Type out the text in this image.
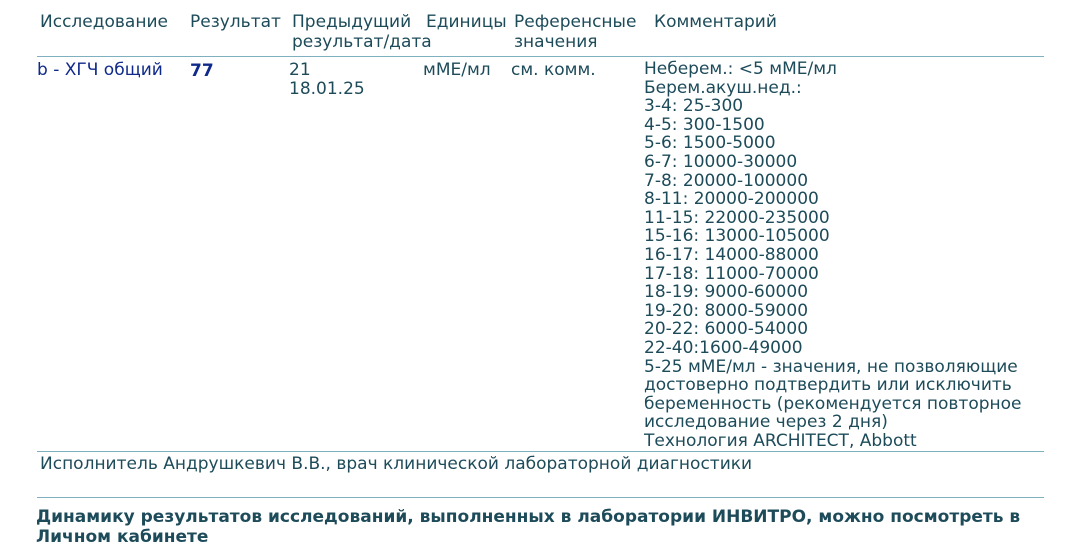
Исследование Результат Предыдущий
результат/дата
Единицы Референсные
значения
Комментарий
b - ХГЧ общий 77	21
18.01.25
мМЕ/мл см. комм.	Неберем.: <5 мМЕ/мл
Берем.акуш.нед.:
3-4: 25-300
4-5: 300-1500
5-6: 1500-5000
6-7: 10000-30000
7-8: 20000-100000
8-11: 20000-200000
11-15: 22000-235000
15-16: 13000-105000
16-17: 14000-88000
17-18: 11000-70000
18-19: 9000-60000
19-20: 8000-59000
20-22: 6000-54000
22-40:1600-49000
5-25 мМЕ/мл - значения, не позволяющие
достоверно подтвердить или исключить
беременность (рекомендуется повторное
исследование через 2 дня)
Технология ARCHITECT, Abbott
Исполнитель Андрушкевич В.В., врач клинической лабораторной диагностики
Динамику результатов исследований, выполненных в лаборатории ИНВИТРО, можно посмотреть в Личном кабинете
